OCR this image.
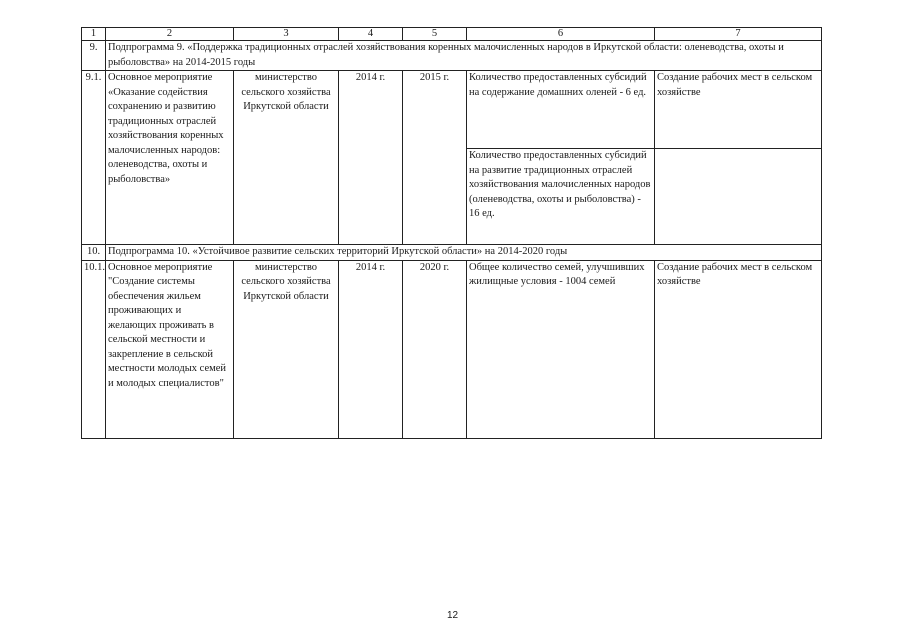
1	2	3	4	5	6	7
9.	Подпрограмма 9. «Поддержка традиционных отраслей хозяйствования коренных малочисленных народов в Иркутской области: оленеводства, охоты и рыболовства» на 2014-2015 годы					
9.1.	Основное мероприятие «Оказание содействия сохранению и развитию традиционных отраслей хозяйствования коренных малочисленных народов: оленеводства, охоты и рыболовства»	министерство сельского хозяйства Иркутской области	2014 г.	2015 г.	Количество предоставленных субсидий на содержание домашних оленей - 6 ед.	Создание рабочих мест в сельском хозяйстве
					Количество предоставленных субсидий на развитие традиционных отраслей хозяйствования малочисленных народов (оленеводства, охоты и рыболовства) - 16 ед.	
10.	Подпрограмма 10. «Устойчивое развитие сельских территорий Иркутской области» на 2014-2020 годы					
10.1.	Основное мероприятие "Создание системы обеспечения жильем проживающих и желающих проживать в сельской местности и закрепление в сельской местности молодых семей и молодых специалистов"	министерство сельского хозяйства Иркутской области	2014 г.	2020 г.	Общее количество семей, улучшивших жилищные условия - 1004 семей	Создание рабочих мест в сельском хозяйстве
12
